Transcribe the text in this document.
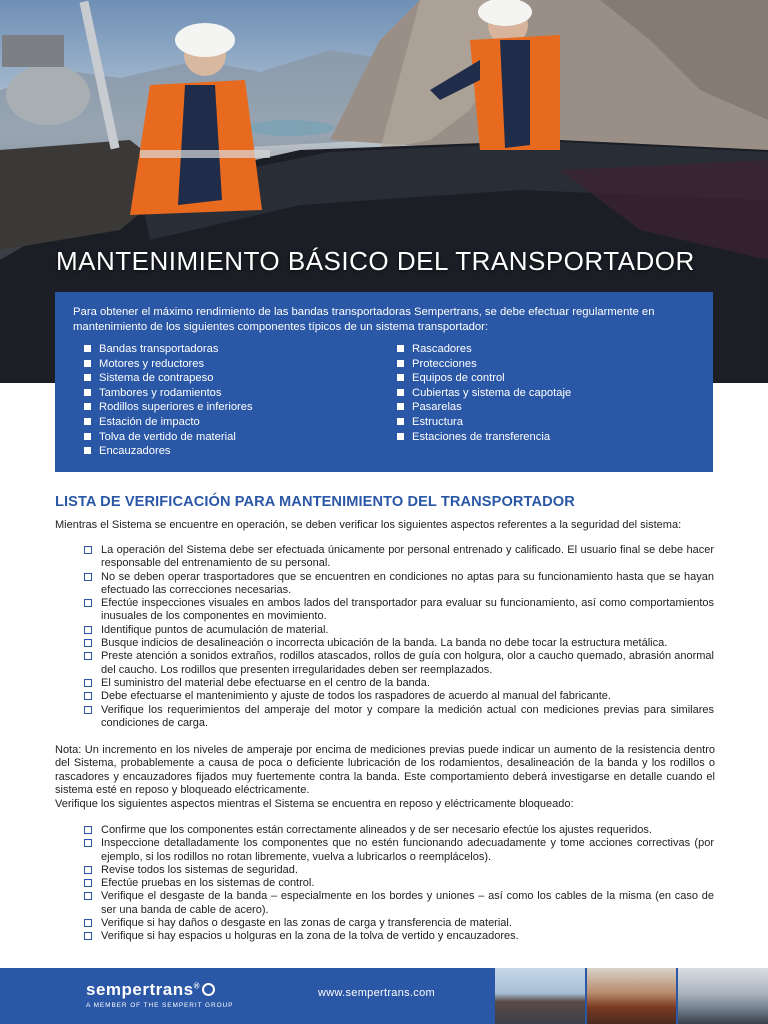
MANTENIMIENTO BÁSICO DEL TRANSPORTADOR

Para obtener el máximo rendimiento de las bandas transportadoras Sempertrans, se debe efectuar regularmente en mantenimiento de los siguientes componentes típicos de un sistema transportador:

Bandas transportadoras
Motores y reductores
Sistema de contrapeso
Tambores y rodamientos
Rodillos superiores e inferiores
Estación de impacto
Tolva de vertido de material
Encauzadores
Rascadores
Protecciones
Equipos de control
Cubiertas y sistema de capotaje
Pasarelas
Estructura
Estaciones de transferencia
LISTA DE VERIFICACIÓN PARA MANTENIMIENTO DEL TRANSPORTADOR

Mientras el Sistema se encuentre en operación, se deben verificar los siguientes aspectos referentes a la seguridad del sistema:

La operación del Sistema debe ser efectuada únicamente por personal entrenado y calificado. El usuario final se debe hacer responsable del entrenamiento de su personal.
No se deben operar trasportadores que se encuentren en condiciones no aptas para su funcionamiento hasta que se hayan efectuado las correcciones necesarias.
Efectúe inspecciones visuales en ambos lados del transportador para evaluar su funcionamiento, así como comportamientos inusuales de los componentes en movimiento.
Identifique puntos de acumulación de material.
Busque indicios de desalineación o incorrecta ubicación de la banda. La banda no debe tocar la estructura metálica.
Preste atención a sonidos extraños, rodillos atascados, rollos de guía con holgura, olor a caucho quemado, abrasión anormal del caucho. Los rodillos que presenten irregularidades deben ser reemplazados.
El suministro del material debe efectuarse en el centro de la banda.
Debe efectuarse el mantenimiento y ajuste de todos los raspadores de acuerdo al manual del fabricante.
Verifique los requerimientos del amperaje del motor y compare la medición actual con mediciones previas para similares condiciones de carga.

Nota: Un incremento en los niveles de amperaje por encima de mediciones previas puede indicar un aumento de la resistencia dentro del Sistema, probablemente a causa de poca o deficiente lubricación de los rodamientos, desalineación de la banda y los rodillos o rascadores y encauzadores fijados muy fuertemente contra la banda. Este comportamiento deberá investigarse en detalle cuando el sistema esté en reposo y bloqueado eléctricamente.

Verifique los siguientes aspectos mientras el Sistema se encuentra en reposo y eléctricamente bloqueado:

Confirme que los componentes están correctamente alineados y de ser necesario efectúe los ajustes requeridos.
Inspeccione detalladamente los componentes que no estén funcionando adecuadamente y tome acciones correctivas (por ejemplo, si los rodillos no rotan libremente, vuelva a lubricarlos o reemplácelos).
Revise todos los sistemas de seguridad.
Efectúe pruebas en los sistemas de control.
Verifique el desgaste de la banda – especialmente en los bordes y uniones – así como los cables de la misma (en caso de ser una banda de cable de acero).
Verifique si hay daños o desgaste en las zonas de carga y transferencia de material.
Verifique si hay espacios u holguras en la zona de la tolva de vertido y encauzadores.
sempertrans®
A MEMBER OF THE SEMPERIT GROUP
www.sempertrans.com
